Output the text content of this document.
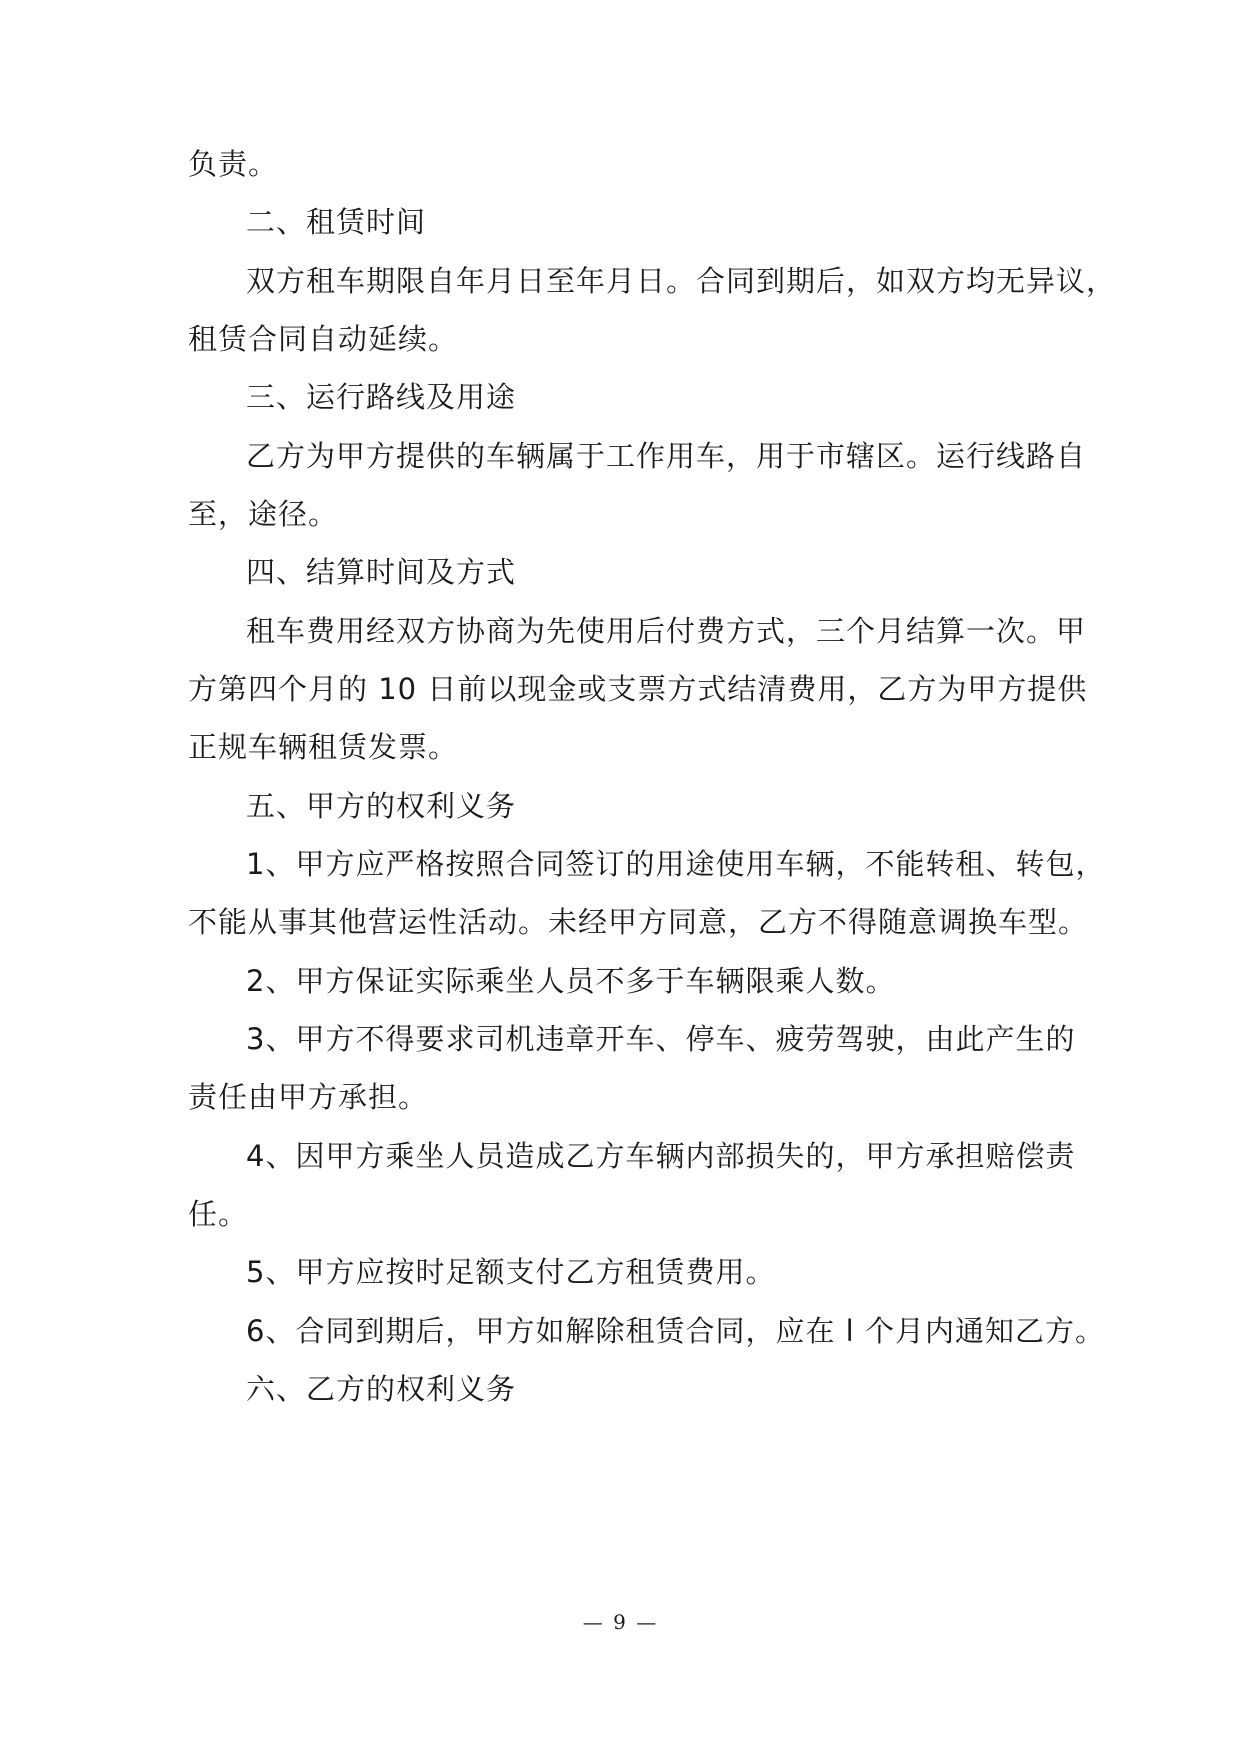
负责。
二、租赁时间
双方租车期限自年月日至年月日。合同到期后，如双方均无异议，
租赁合同自动延续。
三、运行路线及用途
乙方为甲方提供的车辆属于工作用车，用于市辖区。运行线路自
至，途径。
四、结算时间及方式
租车费用经双方协商为先使用后付费方式，三个月结算一次。甲
方第四个月的 10 日前以现金或支票方式结清费用，乙方为甲方提供
正规车辆租赁发票。
五、甲方的权利义务
1、甲方应严格按照合同签订的用途使用车辆，不能转租、转包，
不能从事其他营运性活动。未经甲方同意，乙方不得随意调换车型。
2、甲方保证实际乘坐人员不多于车辆限乘人数。
3、甲方不得要求司机违章开车、停车、疲劳驾驶，由此产生的
责任由甲方承担。
4、因甲方乘坐人员造成乙方车辆内部损失的，甲方承担赔偿责
任。
5、甲方应按时足额支付乙方租赁费用。
6、合同到期后，甲方如解除租赁合同，应在 l 个月内通知乙方。
六、乙方的权利义务
— 9 —
